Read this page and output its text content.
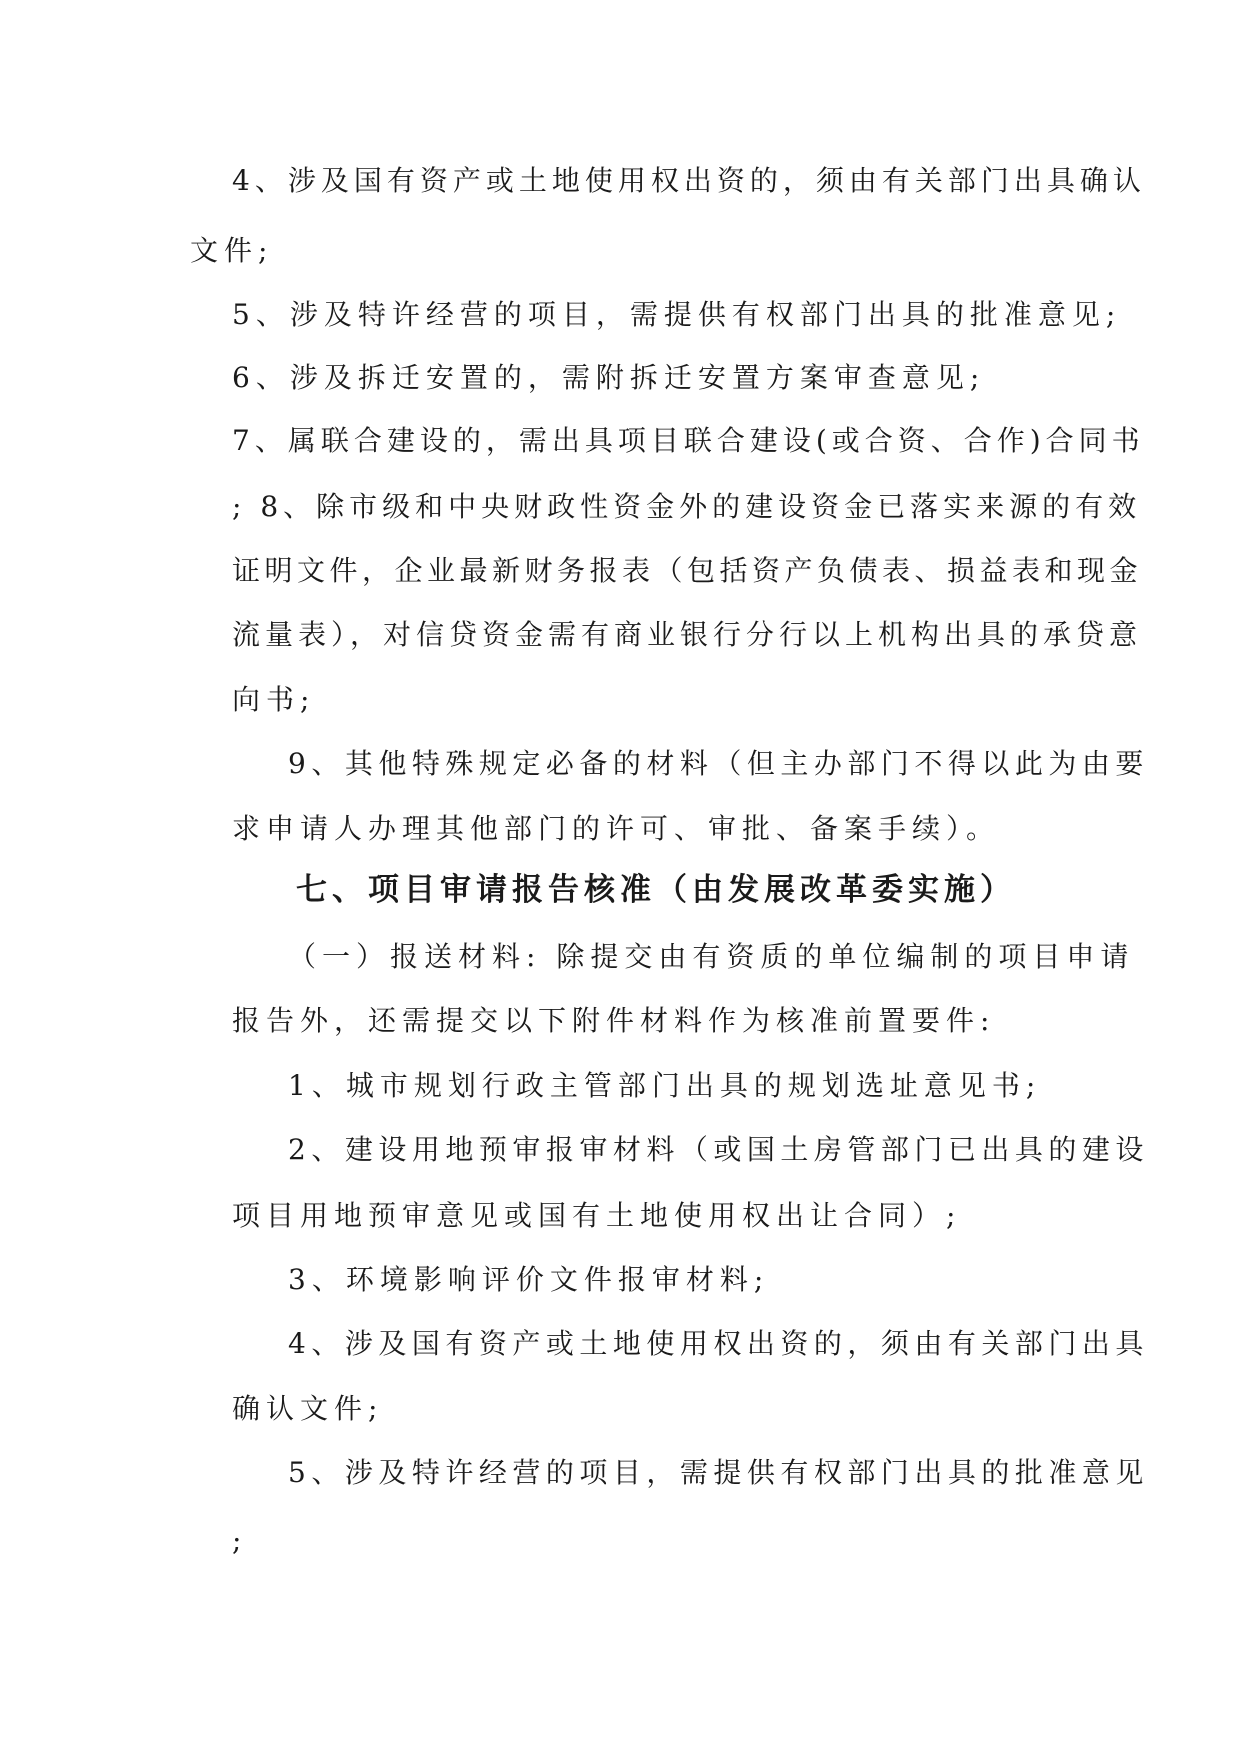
4、涉及国有资产或土地使用权出资的，须由有关部门出具确认
文件;
5、涉及特许经营的项目，需提供有权部门出具的批准意见;
6、涉及拆迁安置的，需附拆迁安置方案审查意见;
7、属联合建设的，需出具项目联合建设(或合资、合作)合同书
; 8、除市级和中央财政性资金外的建设资金已落实来源的有效
证明文件，企业最新财务报表（包括资产负债表、损益表和现金
流量表），对信贷资金需有商业银行分行以上机构出具的承贷意
向书;
9、其他特殊规定必备的材料（但主办部门不得以此为由要
求申请人办理其他部门的许可、审批、备案手续）。
七、项目审请报告核准（由发展改革委实施）
（一）报送材料: 除提交由有资质的单位编制的项目申请
报告外，还需提交以下附件材料作为核准前置要件:
1、城市规划行政主管部门出具的规划选址意见书;
2、建设用地预审报审材料（或国土房管部门已出具的建设
项目用地预审意见或国有土地使用权出让合同）;
3、环境影响评价文件报审材料;
4、涉及国有资产或土地使用权出资的，须由有关部门出具
确认文件;
5、涉及特许经营的项目，需提供有权部门出具的批准意见
;
